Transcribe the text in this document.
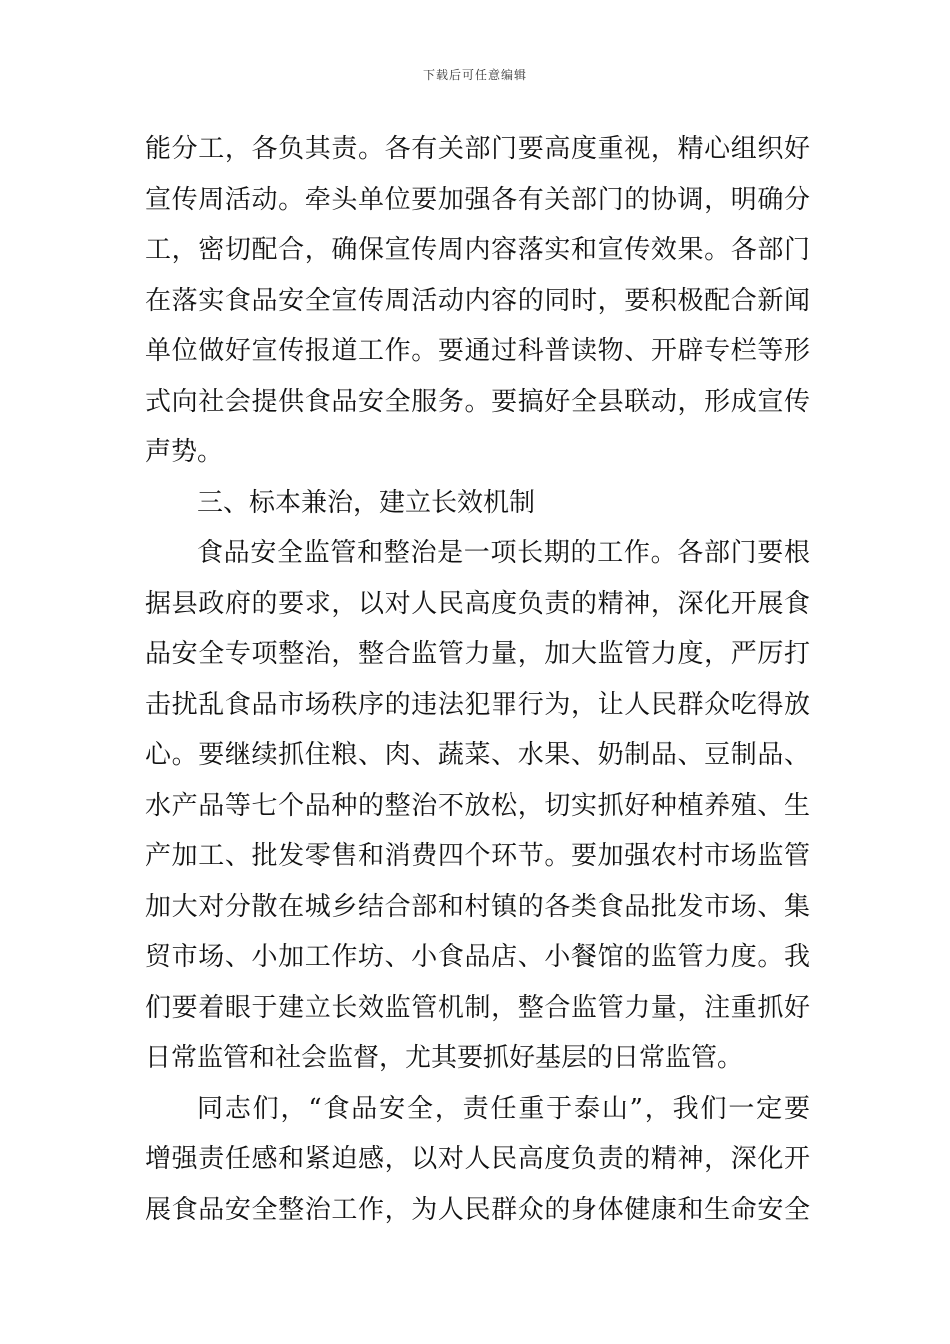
下载后可任意编辑
能分工，各负其责。各有关部门要高度重视，精心组织好
宣传周活动。牵头单位要加强各有关部门的协调，明确分
工，密切配合，确保宣传周内容落实和宣传效果。各部门
在落实食品安全宣传周活动内容的同时，要积极配合新闻
单位做好宣传报道工作。要通过科普读物、开辟专栏等形
式向社会提供食品安全服务。要搞好全县联动，形成宣传
声势。
三、标本兼治，建立长效机制
食品安全监管和整治是一项长期的工作。各部门要根
据县政府的要求，以对人民高度负责的精神，深化开展食
品安全专项整治，整合监管力量，加大监管力度，严厉打
击扰乱食品市场秩序的违法犯罪行为，让人民群众吃得放
心。要继续抓住粮、肉、蔬菜、水果、奶制品、豆制品、
水产品等七个品种的整治不放松，切实抓好种植养殖、生
产加工、批发零售和消费四个环节。要加强农村市场监管
加大对分散在城乡结合部和村镇的各类食品批发市场、集
贸市场、小加工作坊、小食品店、小餐馆的监管力度。我
们要着眼于建立长效监管机制，整合监管力量，注重抓好
日常监管和社会监督，尤其要抓好基层的日常监管。
同志们，“食品安全，责任重于泰山”，我们一定要
增强责任感和紧迫感，以对人民高度负责的精神，深化开
展食品安全整治工作，为人民群众的身体健康和生命安全
